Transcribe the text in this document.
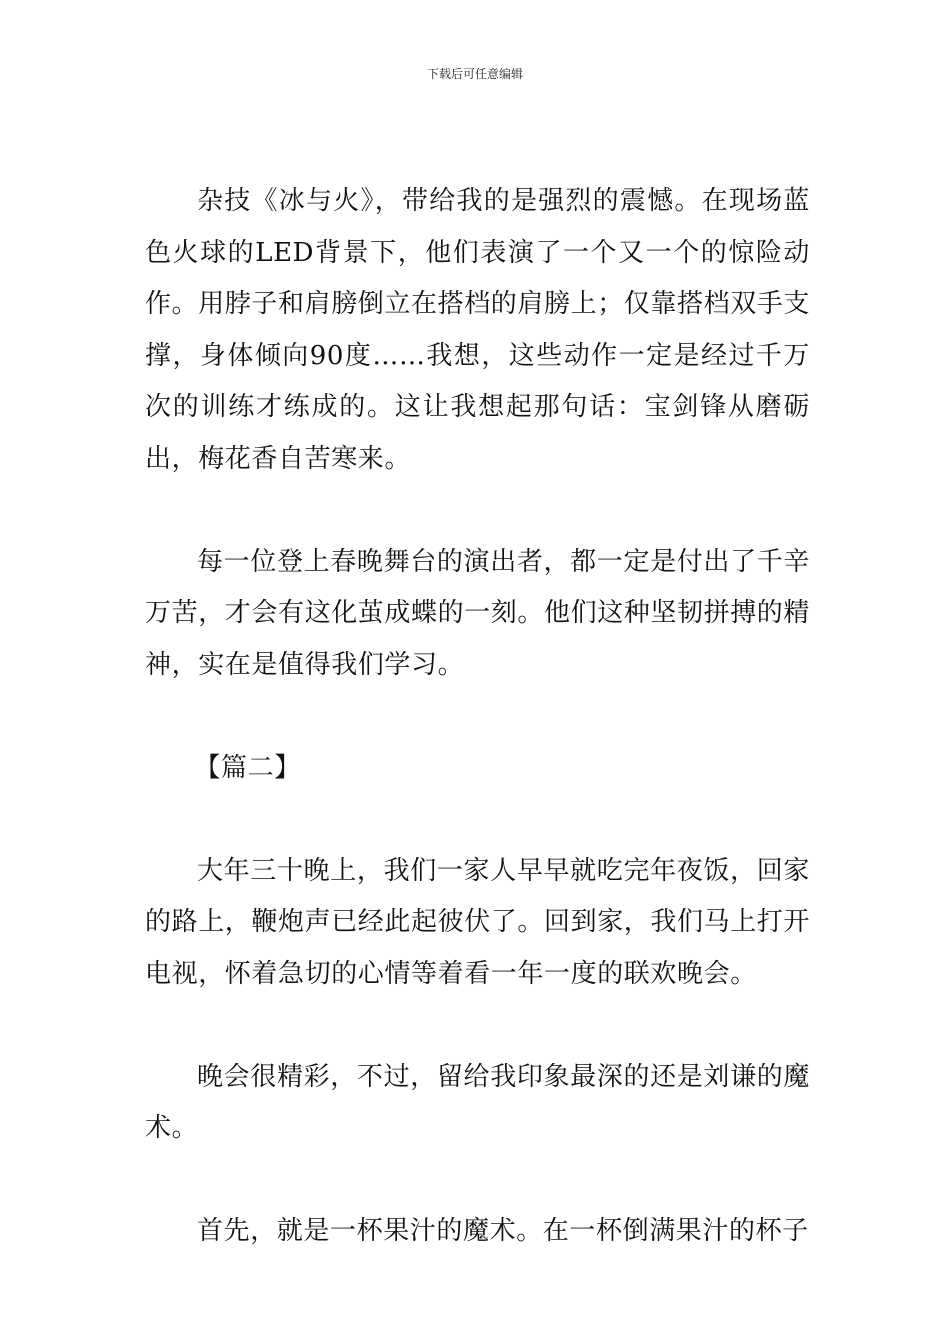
下载后可任意编辑

杂技《冰与火》，带给我的是强烈的震憾。在现场蓝色火球的LED背景下，他们表演了一个又一个的惊险动作。用脖子和肩膀倒立在搭档的肩膀上；仅靠搭档双手支撑，身体倾向90度……我想，这些动作一定是经过千万次的训练才练成的。这让我想起那句话：宝剑锋从磨砺出，梅花香自苦寒来。

每一位登上春晚舞台的演出者，都一定是付出了千辛万苦，才会有这化茧成蝶的一刻。他们这种坚韧拼搏的精神，实在是值得我们学习。

【篇二】

大年三十晚上，我们一家人早早就吃完年夜饭，回家的路上，鞭炮声已经此起彼伏了。回到家，我们马上打开电视，怀着急切的心情等着看一年一度的联欢晚会。

晚会很精彩，不过，留给我印象最深的还是刘谦的魔术。

首先，就是一杯果汁的魔术。在一杯倒满果汁的杯子
